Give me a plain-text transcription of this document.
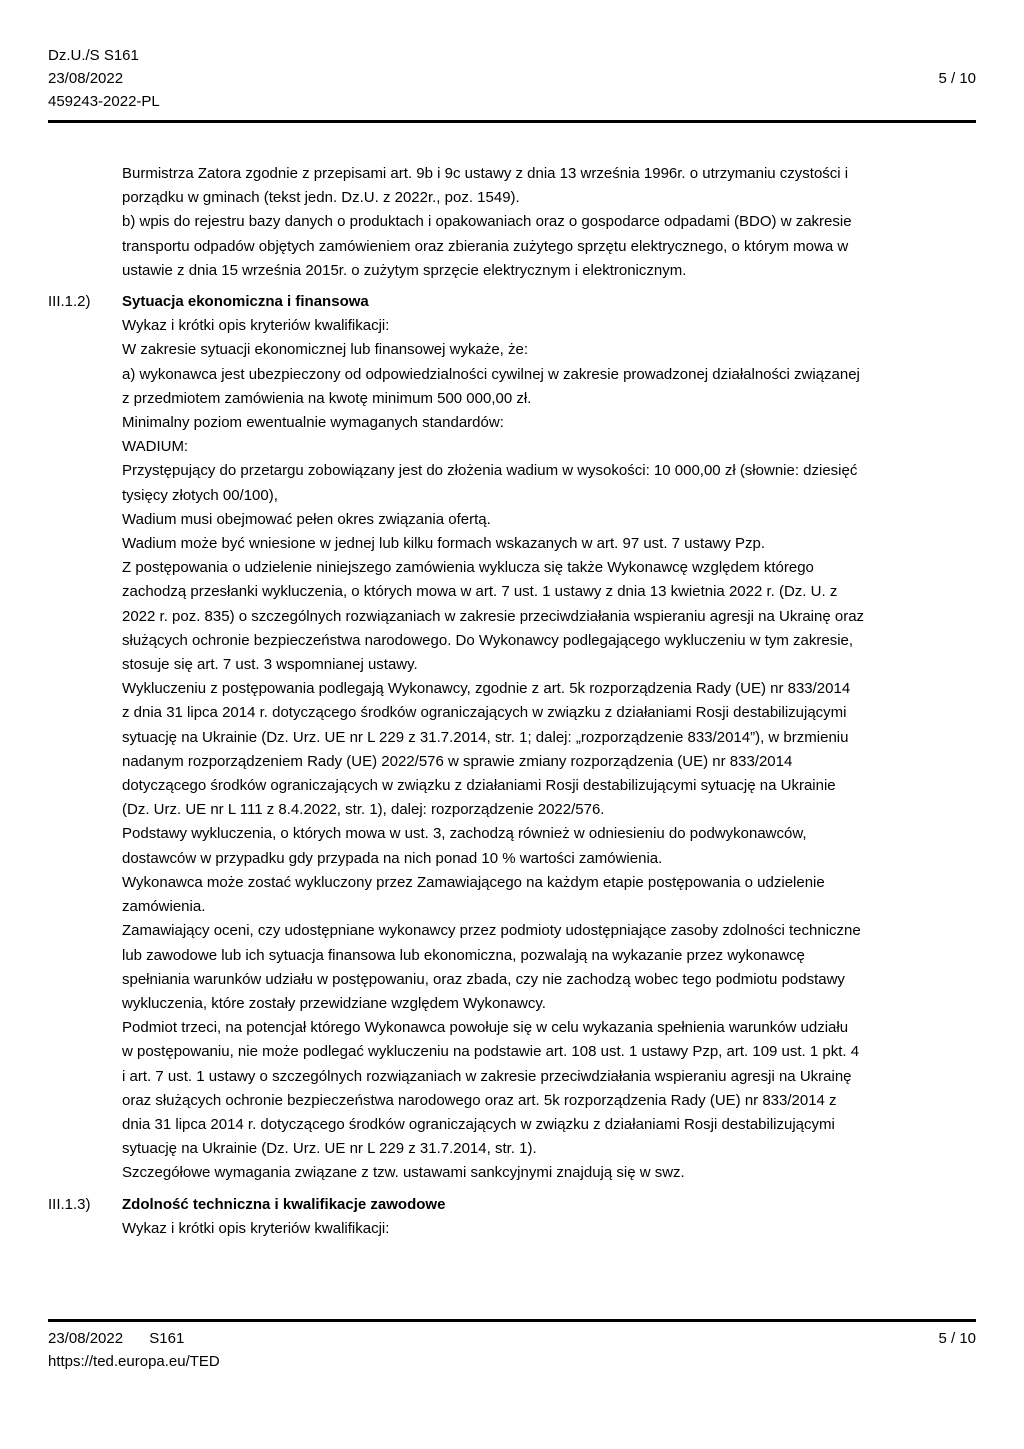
Dz.U./S S161
23/08/2022
459243-2022-PL
5 / 10
Burmistrza Zatora zgodnie z przepisami art. 9b i 9c ustawy z dnia 13 września 1996r. o utrzymaniu czystości i
porządku w gminach (tekst jedn. Dz.U. z 2022r., poz. 1549).
b) wpis do rejestru bazy danych o produktach i opakowaniach oraz o gospodarce odpadami (BDO) w zakresie
transportu odpadów objętych zamówieniem oraz zbierania zużytego sprzętu elektrycznego, o którym mowa w
ustawie z dnia 15 września 2015r. o zużytym sprzęcie elektrycznym i elektronicznym.
III.1.2)	Sytuacja ekonomiczna i finansowa
Wykaz i krótki opis kryteriów kwalifikacji:
W zakresie sytuacji ekonomicznej lub finansowej wykaże, że:
a) wykonawca jest ubezpieczony od odpowiedzialności cywilnej w zakresie prowadzonej działalności związanej
z przedmiotem zamówienia na kwotę minimum 500 000,00 zł.
Minimalny poziom ewentualnie wymaganych standardów:
WADIUM:
Przystępujący do przetargu zobowiązany jest do złożenia wadium w wysokości: 10 000,00 zł (słownie: dziesięć
tysięcy złotych 00/100),
Wadium musi obejmować pełen okres związania ofertą.
Wadium może być wniesione w jednej lub kilku formach wskazanych w art. 97 ust. 7 ustawy Pzp.
Z postępowania o udzielenie niniejszego zamówienia wyklucza się także Wykonawcę względem którego
zachodzą przesłanki wykluczenia, o których mowa w art. 7 ust. 1 ustawy z dnia 13 kwietnia 2022 r. (Dz. U. z
2022 r. poz. 835) o szczególnych rozwiązaniach w zakresie przeciwdziałania wspieraniu agresji na Ukrainę oraz
służących ochronie bezpieczeństwa narodowego. Do Wykonawcy podlegającego wykluczeniu w tym zakresie,
stosuje się art. 7 ust. 3 wspomnianej ustawy.
Wykluczeniu z postępowania podlegają Wykonawcy, zgodnie z art. 5k rozporządzenia Rady (UE) nr 833/2014
z dnia 31 lipca 2014 r. dotyczącego środków ograniczających w związku z działaniami Rosji destabilizującymi
sytuację na Ukrainie (Dz. Urz. UE nr L 229 z 31.7.2014, str. 1; dalej: „rozporządzenie 833/2014”), w brzmieniu
nadanym rozporządzeniem Rady (UE) 2022/576 w sprawie zmiany rozporządzenia (UE) nr 833/2014
dotyczącego środków ograniczających w związku z działaniami Rosji destabilizującymi sytuację na Ukrainie
(Dz. Urz. UE nr L 111 z 8.4.2022, str. 1), dalej: rozporządzenie 2022/576.
Podstawy wykluczenia, o których mowa w ust. 3, zachodzą również w odniesieniu do podwykonawców,
dostawców w przypadku gdy przypada na nich ponad 10 % wartości zamówienia.
Wykonawca może zostać wykluczony przez Zamawiającego na każdym etapie postępowania o udzielenie
zamówienia.
Zamawiający oceni, czy udostępniane wykonawcy przez podmioty udostępniające zasoby zdolności techniczne
lub zawodowe lub ich sytuacja finansowa lub ekonomiczna, pozwalają na wykazanie przez wykonawcę
spełniania warunków udziału w postępowaniu, oraz zbada, czy nie zachodzą wobec tego podmiotu podstawy
wykluczenia, które zostały przewidziane względem Wykonawcy.
Podmiot trzeci, na potencjał którego Wykonawca powołuje się w celu wykazania spełnienia warunków udziału
w postępowaniu, nie może podlegać wykluczeniu na podstawie art. 108 ust. 1 ustawy Pzp, art. 109 ust. 1 pkt. 4
i art. 7 ust. 1 ustawy o szczególnych rozwiązaniach w zakresie przeciwdziałania wspieraniu agresji na Ukrainę
oraz służących ochronie bezpieczeństwa narodowego oraz art. 5k rozporządzenia Rady (UE) nr 833/2014 z
dnia 31 lipca 2014 r. dotyczącego środków ograniczających w związku z działaniami Rosji destabilizującymi
sytuację na Ukrainie (Dz. Urz. UE nr L 229 z 31.7.2014, str. 1).
Szczegółowe wymagania związane z tzw. ustawami sankcyjnymi znajdują się w swz.
III.1.3)	Zdolność techniczna i kwalifikacje zawodowe
Wykaz i krótki opis kryteriów kwalifikacji:
23/08/2022 S161	5 / 10
https://ted.europa.eu/TED
